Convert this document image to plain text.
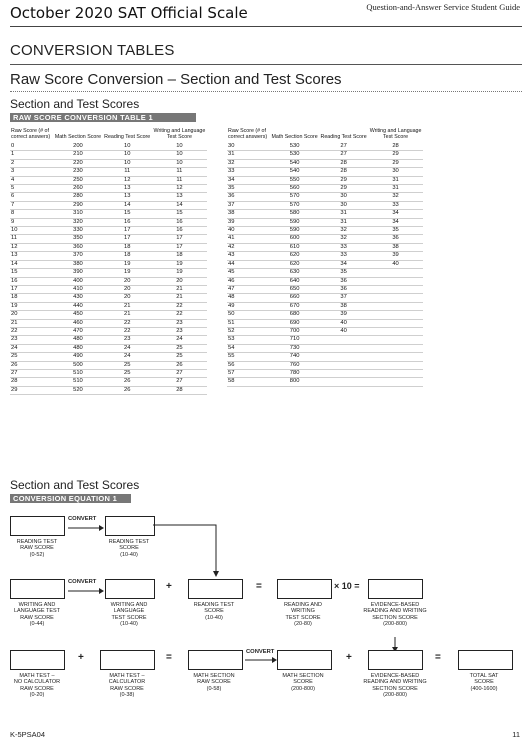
October 2020 SAT Official Scale	Question-and-Answer Service Student Guide
CONVERSION TABLES
Raw Score Conversion – Section and Test Scores
Section and Test Scores
RAW SCORE CONVERSION TABLE 1
Raw Score (# of correct answers)	Math Section Score	Reading Test Score	Writing and Language Test Score
0	200	10	10
1	210	10	10
2	220	10	10
3	230	11	11
4	250	12	11
5	260	13	12
6	280	13	13
7	290	14	14
8	310	15	15
9	320	16	16
10	330	17	16
11	350	17	17
12	360	18	17
13	370	18	18
14	380	19	19
15	390	19	19
16	400	20	20
17	410	20	21
18	430	20	21
19	440	21	22
20	450	21	22
21	460	22	23
22	470	22	23
23	480	23	24
24	480	24	25
25	490	24	25
26	500	25	26
27	510	25	27
28	510	26	27
29	520	26	28
Raw Score (# of correct answers)	Math Section Score	Reading Test Score	Writing and Language Test Score
30	530	27	28
31	530	27	29
32	540	28	29
33	540	28	30
34	550	29	31
35	560	29	31
36	570	30	32
37	570	30	33
38	580	31	34
39	590	31	34
40	590	32	35
41	600	32	36
42	610	33	38
43	620	33	39
44	620	34	40
45	630	35	
46	640	36	
47	650	36	
48	660	37	
49	670	38	
50	680	39	
51	690	40	
52	700	40	
53	710		
54	730		
55	740		
56	760		
57	780		
58	800		
Section and Test Scores
CONVERSION EQUATION 1
CONVERT
READING TEST
RAW SCORE
(0-52)
READING TEST
SCORE
(10-40)
CONVERT	+	=	× 10 =
WRITING AND
LANGUAGE TEST
RAW SCORE
(0-44)
WRITING AND
LANGUAGE
TEST SCORE
(10-40)
READING TEST
SCORE
(10-40)
READING AND
WRITING
TEST SCORE
(20-80)
EVIDENCE-BASED
READING AND WRITING
SECTION SCORE
(200-800)
+	=	CONVERT	+	=
MATH TEST –
NO CALCULATOR
RAW SCORE
(0-20)
MATH TEST –
CALCULATOR
RAW SCORE
(0-38)
MATH SECTION
RAW SCORE
(0-58)
MATH SECTION
SCORE
(200-800)
EVIDENCE-BASED
READING AND WRITING
SECTION SCORE
(200-800)
TOTAL SAT
SCORE
(400-1600)
K-5PSA04	11
